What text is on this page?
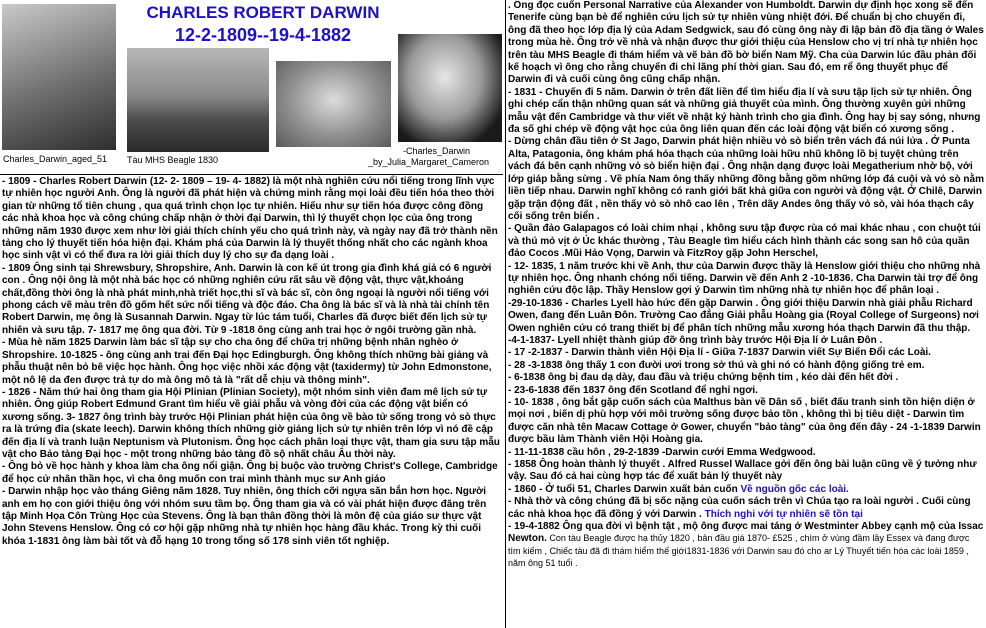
CHARLES ROBERT DARWIN
12-2-1809--19-4-1882
Charles_Darwin_aged_51 Tàu MHS Beagle 1830
-Charles_Darwin
_by_Julia_Margaret_Cameron

- 1809 - Charles Robert Darwin (12- 2- 1809 – 19- 4- 1882) là một nhà nghiên cứu nổi tiếng trong lĩnh vực tự nhiên học người Anh. Ông là người đã phát hiện và chứng minh rằng mọi loài đều tiến hóa theo thời gian từ những tổ tiên chung , qua quá trình chọn lọc tự nhiên. Hiếu như sự tiến hóa được công đồng các nhà khoa học và công chúng chấp nhận ở thời đại Darwin, thì lý thuyết chọn lọc của ông trong những năm 1930 được xem như lời giải thích chính yếu cho quá trình này, và ngày nay đã trở thành nền tảng cho lý thuyết tiến hóa hiện đại. Khám phá của Darwin là lý thuyết thống nhất cho các ngành khoa học sinh vật vì có thể đưa ra lời giải thích duy lý cho sự đa dạng loài .

- 1809 Ông sinh tại Shrewsbury, Shropshire, Anh. Darwin là con kế út trong gia đình khá giả có 6 người con . Ông nội ông là một nhà bác học có những nghiên cứu rất sâu về động vật, thực vật,khoáng chất,đồng thời ông là nhà phát minh,nhà triết học,thi sĩ và bác sĩ, còn ông ngoại là người nổi tiếng với phong cách vẽ màu trên đồ gốm hết sức nổi tiếng và độc đáo. Cha ông là bác sĩ và là nhà tài chính tên Robert Darwin, mẹ ông là Susannah Darwin. Ngay từ lúc tám tuổi, Charles đã được biết đến lịch sử tự nhiên và sưu tập. 7- 1817 mẹ ông qua đời. Từ 9 -1818 ông cùng anh trai học ở ngôi trường gần nhà.

- Mùa hè năm 1825 Darwin làm bác sĩ tập sự cho cha ông để chữa trị những bệnh nhân nghèo ở Shropshire. 10-1825 - ông cùng anh trai đến Đại học Edingburgh. Ông không thích những bài giảng và phẫu thuật nên bỏ bê việc học hành. Ông học việc nhồi xác động vật (taxidermy) từ John Edmonstone, một nô lệ da đen được trả tự do mà ông mô tả là "rất dễ chịu và thông minh".

- 1826 - Năm thứ hai ông tham gia Hội Plinian (Plinian Society), một nhóm sinh viên đam mê lịch sử tự nhiên. Ông giúp Robert Edmund Grant tìm hiểu về giải phẫu và vòng đời của các động vật biển có xương sống. 3- 1827 ông trình bày trước Hội Plinian phát hiện của ông về bào tử sống trong vỏ sò thực ra là trứng đỉa (skate leech). Darwin không thích những giờ giảng lịch sử tự nhiên trên lớp vì nó đề cập đến địa lí và tranh luận Neptunism và Plutonism. Ông học cách phân loại thực vật, tham gia sưu tập mẫu vật cho Bảo tàng Đại học - một trong những bảo tàng đồ sộ nhất châu Âu thời này.

- Ông bỏ về học hành y khoa làm cha ông nổi giận. Ông bị buộc vào trường Christ's College, Cambridge để học cử nhân thần học, vì cha ông muốn con trai mình thành mục sư Anh giáo

- Darwin nhập học vào tháng Giêng năm 1828. Tuy nhiên, ông thích cỡi ngựa săn bắn hơn học. Người anh em họ con giới thiệu ông với nhóm sưu tầm bọ. Ông tham gia và có vài phát hiện được đăng trên tập Minh Họa Côn Trùng Học của Stevens. Ông là bạn thân đồng thời là môn đệ của giáo sư thực vật John Stevens Henslow. Ông có cơ hội gặp những nhà tự nhiên học hàng đầu khác. Trong kỳ thi cuối khóa 1-1831 ông làm bài tốt và đỗ hạng 10 trong tổng số 178 sinh viên tốt nghiệp.

. Ông đọc cuốn Personal Narrative của Alexander von Humboldt. Darwin dự định học xong sẽ đến Tenerife cùng bạn bè để nghiên cứu lịch sử tự nhiên vùng nhiệt đới. Để chuẩn bị cho chuyến đi, ông đã theo học lớp địa lý của Adam Sedgwick, sau đó cùng ông này đi lập bản đồ địa tầng ở Wales trong mùa hè. Ông trở về nhà và nhận được thư giới thiệu của Henslow cho vị trí nhà tự nhiên học trên tàu MHS Beagle đi thám hiểm và vẽ bản đồ bờ biển Nam Mỹ. Cha của Darwin lúc đầu phản đối kế hoạch vì ông cho rằng chuyến đi chỉ lãng phí thời gian. Sau đó, em rể ông thuyết phục để Darwin đi và cuối cùng ông cũng chấp nhận.

- 1831 - Chuyến đi 5 năm. Darwin ở trên đất liền để tìm hiểu địa lí và sưu tập lịch sử tự nhiên. Ông ghi chép cẩn thận những quan sát và những giả thuyết của mình. Ông thường xuyên gửi những mẫu vật đến Cambridge và thư viết về nhật ký hành trình cho gia đình. Ông hay bị say sóng, nhưng đa số ghi chép về động vật học của ông liên quan đến các loài động vật biển có xương sống .

- Dừng chân đầu tiên ở St Jago, Darwin phát hiện nhiều vỏ sò biển trên vách đá núi lửa . Ở Punta Alta, Patagonia, ông khám phá hóa thạch của những loài hữu nhũ không lồ bị tuyệt chủng trên vách đá bên cạnh những vỏ sò biển hiện đại . Ông nhận dạng được loài Megatherium nhờ bộ, với lớp giáp bằng sừng . Về phía Nam ông thấy những đồng bằng gồm những lớp đá cuội và vỏ sò nằm liền tiếp nhau. Darwin nghĩ không có ranh giới bất khả giữa con người và động vật. Ở Chilê, Darwin gặp trận động đất , nền thấy vỏ sò nhô cao lên , Trên dãy Andes ông thấy vỏ sò, vài hóa thạch cây cối sống trên biển .

- Quần đảo Galapagos có loài chim nhại , không sưu tập được rùa có mai khác nhau , con chuột túi và thú mỏ vịt ở Úc khác thường , Tàu Beagle tìm hiểu cách hình thành các song san hô của quần đảo Cocos .Mũi Hảo Vọng, Darwin và FitzRoy gặp John Herschel,

- 12- 1835, 1 năm trước khi về Anh, thư của Darwin được thầy là Henslow giới thiệu cho những nhà tự nhiên học. Ông nhanh chóng nổi tiếng. Darwin về đến Anh 2 -10-1836. Cha Darwin tài trợ để ông nghiên cứu độc lập. Thầy Henslow gợi ý Darwin tìm những nhà tự nhiên học để phân loại .

-29-10-1836 - Charles Lyell hào hức đến gặp Darwin . Ông giới thiệu Darwin nhà giải phẫu Richard Owen, đang đến Luân Đôn. Trường Cao đẳng Giải phẫu Hoàng gia (Royal College of Surgeons) nơi Owen nghiên cứu có trang thiết bị để phân tích những mẫu xương hóa thạch Darwin đã thu thập.

-4-1-1837- Lyell nhiệt thành giúp đỡ ông trình bày trước Hội Địa lí ở Luân Đôn .

- 17 -2-1837 - Darwin thành viên Hội Địa lí - Giữa 7-1837 Darwin viết Sự Biến Đổi các Loài.

- 28 -3-1838 ông thấy 1 con đười ươi trong sở thú và ghi nó có hành động giống trẻ em.

- 6-1838 ông bị đau dạ dày, đau đầu và triệu chứng bệnh tim , kéo dài đến hết đời .

- 23-6-1838 đến 1837 ông đến Scotland để nghỉ ngơi.

- 10- 1838 , ông bắt gặp cuốn sách của Malthus bàn về Dân số , biết đấu tranh sinh tồn hiện diện ở mọi nơi , biến dị phù hợp với môi trường sống được bảo tồn , không thì bị tiêu diệt - Darwin tìm được căn nhà tên Macaw Cottage ở Gower, chuyển "bảo tàng" của ông đến đây - 24 -1-1839 Darwin được bầu làm Thành viên Hội Hoàng gia.

- 11-11-1838 cầu hôn , 29-2-1839 -Darwin cưới Emma Wedgwood.

- 1858 Ông hoàn thành lý thuyết . Alfred Russel Wallace gởi đến ông bài luận cũng về ý tưởng như vậy. Sau đó cả hai cùng hợp tác để xuất bản lý thuyết này

- 1860 - Ở tuổi 51, Charles Darwin xuất bản cuốn Về nguồn gốc các loài.

- Nhà thờ và công chúng đã bị sốc nặng của cuốn sách trên vì Chúa tạo ra loài người . Cuối cùng các nhà khoa học đã đồng ý với Darwin . Thích nghi với tự nhiên sẽ tồn tại

- 19-4-1882 Ông qua đời vì bệnh tật , mộ ông được mai táng ở Westminter Abbey cạnh mộ của Issac Newton. Con tàu Beagle được hạ thủy 1820 , bản đầu giá 1870- £525 , chìm ở vùng đầm lầy Essex và đang được tìm kiếm , Chiếc tàu đã đi thám hiểm thế giới1831-1836 với Darwin sau đó cho ar Lý Thuyết tiến hóa các loài 1859 , năm ông 51 tuổi .
